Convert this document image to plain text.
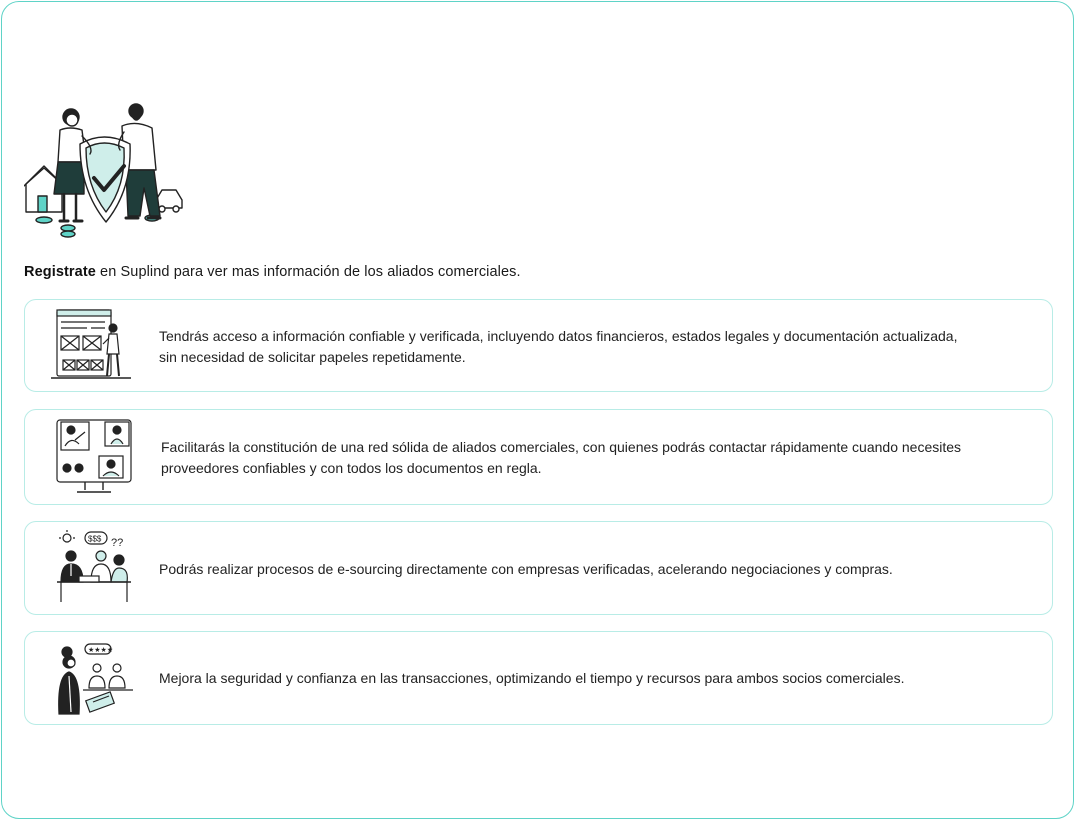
Registrate en Suplind para ver mas información de los aliados comerciales.
Tendrás acceso a información confiable y verificada, incluyendo datos financieros, estados legales y documentación actualizada,
sin necesidad de solicitar papeles repetidamente.
Facilitarás la constitución de una red sólida de aliados comerciales, con quienes podrás contactar rápidamente cuando necesites
proveedores confiables y con todos los documentos en regla.
$$$ ??
Podrás realizar procesos de e-sourcing directamente con empresas verificadas, acelerando negociaciones y compras.
★★★★
Mejora la seguridad y confianza en las transacciones, optimizando el tiempo y recursos para ambos socios comerciales.
